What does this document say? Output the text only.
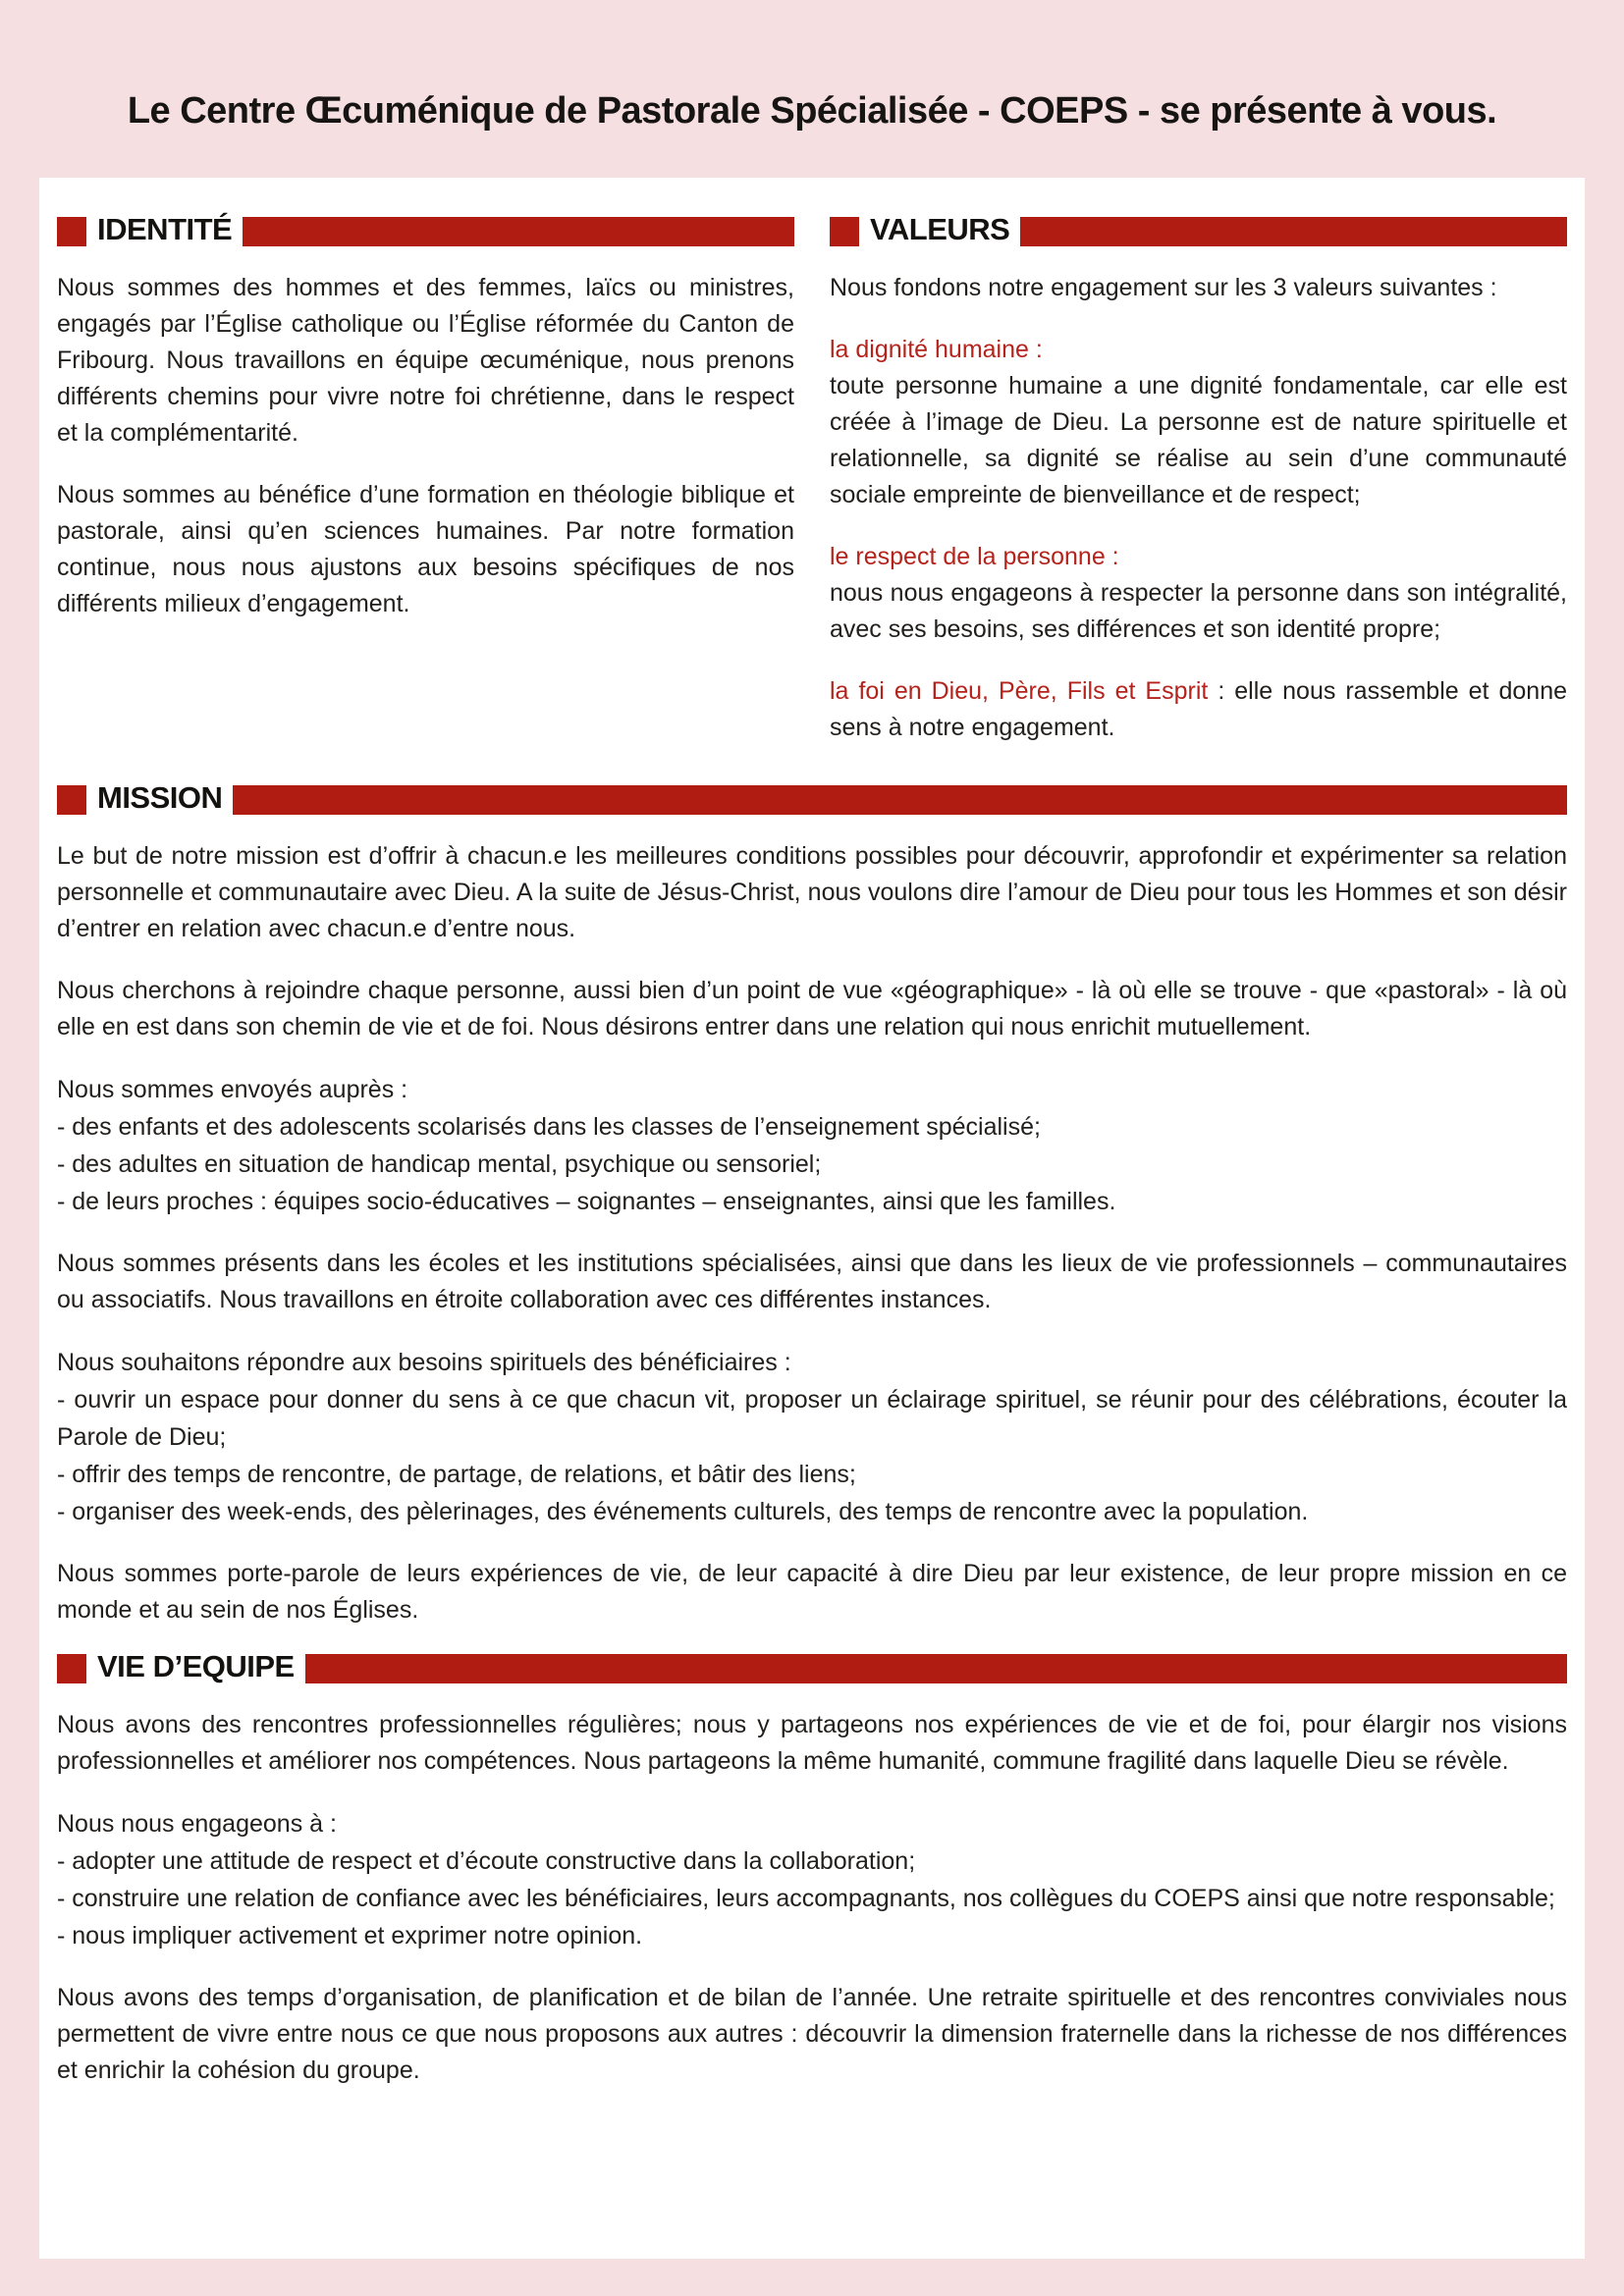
Le Centre Œcuménique de Pastorale Spécialisée - COEPS - se présente à vous.
IDENTITÉ

Nous sommes des hommes et des femmes, laïcs ou ministres, engagés par l’Église catholique ou l’Église réformée du Canton de Fribourg. Nous travaillons en équipe œcuménique, nous prenons différents chemins pour vivre notre foi chrétienne, dans le respect et la complémentarité.

Nous sommes au bénéfice d’une formation en théologie biblique et pastorale, ainsi qu’en sciences humaines. Par notre formation continue, nous nous ajustons aux besoins spécifiques de nos différents milieux d’engagement.

VALEURS

Nous fondons notre engagement sur les 3 valeurs suivantes :

la dignité humaine :

toute personne humaine a une dignité fondamentale, car elle est créée à l’image de Dieu. La personne est de nature spirituelle et relationnelle, sa dignité se réalise au sein d’une communauté sociale empreinte de bienveillance et de respect;

le respect de la personne :

nous nous engageons à respecter la personne dans son intégralité, avec ses besoins, ses différences et son identité propre;

la foi en Dieu, Père, Fils et Esprit : elle nous rassemble et donne sens à notre engagement.

MISSION

Le but de notre mission est d’offrir à chacun.e les meilleures conditions possibles pour découvrir, approfondir et expérimenter sa relation personnelle et communautaire avec Dieu. A la suite de Jésus-Christ, nous voulons dire l’amour de Dieu pour tous les Hommes et son désir d’entrer en relation avec chacun.e d’entre nous.

Nous cherchons à rejoindre chaque personne, aussi bien d’un point de vue «géographique» - là où elle se trouve - que «pastoral» - là où elle en est dans son chemin de vie et de foi. Nous désirons entrer dans une relation qui nous enrichit mutuellement.

Nous sommes envoyés auprès :

- des enfants et des adolescents scolarisés dans les classes de l’enseignement spécialisé;

- des adultes en situation de handicap mental, psychique ou sensoriel;

- de leurs proches : équipes socio-éducatives – soignantes – enseignantes, ainsi que les familles.

Nous sommes présents dans les écoles et les institutions spécialisées, ainsi que dans les lieux de vie professionnels – communautaires ou associatifs. Nous travaillons en étroite collaboration avec ces différentes instances.

Nous souhaitons répondre aux besoins spirituels des bénéficiaires :

- ouvrir un espace pour donner du sens à ce que chacun vit, proposer un éclairage spirituel, se réunir pour des célébrations, écouter la Parole de Dieu;

- offrir des temps de rencontre, de partage, de relations, et bâtir des liens;

- organiser des week-ends, des pèlerinages, des événements culturels, des temps de rencontre avec la population.

Nous sommes porte-parole de leurs expériences de vie, de leur capacité à dire Dieu par leur existence, de leur propre mission en ce monde et au sein de nos Églises.

VIE D’EQUIPE

Nous avons des rencontres professionnelles régulières; nous y partageons nos expériences de vie et de foi, pour élargir nos visions professionnelles et améliorer nos compétences. Nous partageons la même humanité, commune fragilité dans laquelle Dieu se révèle.

Nous nous engageons à :

- adopter une attitude de respect et d’écoute constructive dans la collaboration;

- construire une relation de confiance avec les bénéficiaires, leurs accompagnants, nos collègues du COEPS ainsi que notre responsable;

- nous impliquer activement et exprimer notre opinion.

Nous avons des temps d’organisation, de planification et de bilan de l’année. Une retraite spirituelle et des rencontres conviviales nous permettent de vivre entre nous ce que nous proposons aux autres : découvrir la dimension fraternelle dans la richesse de nos différences et enrichir la cohésion du groupe.
